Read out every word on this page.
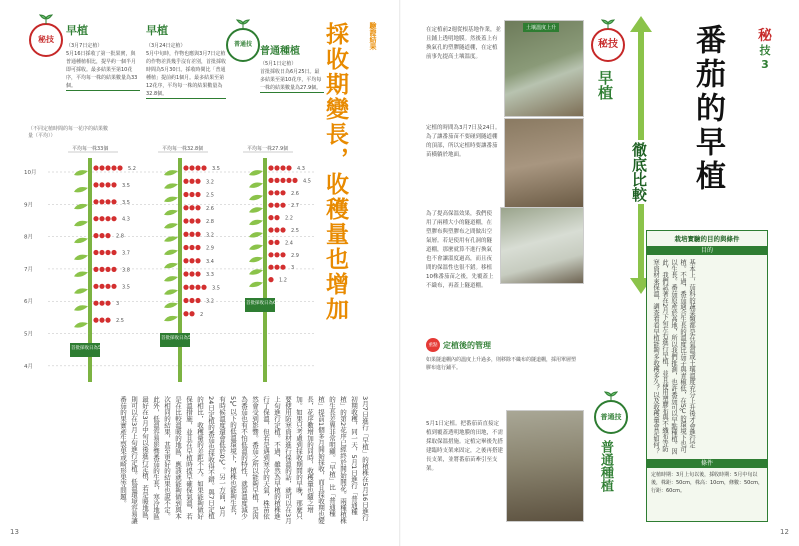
13	12
秘
技
3
番茄的早植
秘 技
早植
徹底比較
普通技
普通種植
在定植前2週從根基地作業，並且鋪上透明地膜。然後蓋上有換氣孔的塑膠隧道棚，在定植前事先提高土壤溫度。
土壤溫度上升
定植的時間為3月7日及24日。為了讓番茄苗不要碰到隧道棚的頂部，所以定植時要讓番茄苗橫躺於地面。
為了提高保溫效果，我們使用了兩種大小的隧道棚，在塑膠布與塑膠布之間做出空氣層。若是使用有孔洞的隧道棚，那麼就算不進行換氣也不會讓溫度過高，而且夜間的保溫性也很不錯。移植10株番茄苗之後，先覆蓋上不織布，再蓋上隧道棚。
重點 定植後的管理
如果隧道棚內的溫度上升過多，則移除不織布的隧道棚，採用單層塑膠布進行鋪平。
5月1日定植。把番茄苗直接定植到覆蓋透明地膜的田地，不需採取保溫措施。定植完畢後先搭建臨時支架來固定，之後再搭建長支架，並將番茄苗牽引至支架。
栽培實驗的目的與條件
目的
基本上，茄科的蔬菜類都是在氣溫或土壤溫度充分上升後才會進行定植。不過，番茄適合生長的溫度比茄子與青椒低，在5℃的環境下也可以生長。番茄原產於高地，所以我們推測，也許番茄可以早點種植。因此，我們試著在2月下旬左右進行早植，並且使用塑膠布與不織布等防寒資材來保溫，調查看看早植能夠多收穫多久？以及收穫量會是如何？
條件
定植時期：3月上旬以後，採收時期：5月中旬以後，株距：50cm，株高：10cm，條數：50cm，行距：60cm。
秘技
早植
（3月7日定植）
5月16日採收了第一批果實，與普通種植相比，提早約一個半月即可採收。最多結果至第10花序，平均每一株的結果數量為33個。
早植
（3月24日定植）
5月中旬時，作物也應與3月7日定植的作物差異幾乎沒有差別，首批採收時間為5月30日。採收時間比「普通種植」提前約1個月。最多結果至第12花序，平均每一株的結果數量為32.8個。
普通技
普通種植
（5月1日定植）
首批採收日為6月25日。最多結果至第10花序，平均每一株的結果數量為27.9個。
驗證結果
採收期變長，收穫量也增加
（不同定植時間的每一花序的結果數量（平均））
10月
9月
8月
7月
6月
5月
4月
平均每一株33個
5.2
3.5
3.5
4.3
2.8
3.7
3.8
3.5
3
2.5
首批採收日為5月16日
平均每一株32.8個
3.5
3.2
2.5
2.6
2.8
3.2
2.9
3.4
3.3
3.5
3.2
2
首批採收日為5月30日
平均每一株27.9個
4.3
4.5
2.6
2.7
2.2
2.5
2.4
2.9
3
1.2
首批採收日為6月25日
3月7日進行「早植」的植株在5月16日進行初期收穫，同一天，5月1日進行「普通種植」的第2花序已經終於開始開花。兩種植株的生長差異非常明顯。「早植」比「普通種植」提前1個多月開始採收，而且採收期也變長，花序數增加的同時，收穫量也隨之增加。如果只考慮到採收期間的早晚，那麼只要使用防寒資材進行保溫的話，就可以在3月上旬進行定植。不過，雖然為早植的植株進行了保溫，但若是遇到寒冷的天氣，株苗依然會受到影響。番茄之所以能夠早植，是因為番茄也有不怕低溫的特性，就算溫度減少5℃以下的低溫環境下，植株也能夠生長，有時候溫度還會低於0℃。另一方面，3月24日定植的番茄也採收得不錯。與7日定植的相比，收穫量的差距不大。如果能夠做好保溫措施，並且在早植時提早確保氣溫，若是在比較溫暖的地區，應該就能夠做到與本次相同的結果，甚至更好的結果也說不定。此外，低溫容易影響番茄的生長，寒冷地區最好在3月中旬以後進行定植，若是暖地區，則可以在3月上旬進行定植。低溫環境容易讓番茄的果實產生裂果或畸形果等問題。
